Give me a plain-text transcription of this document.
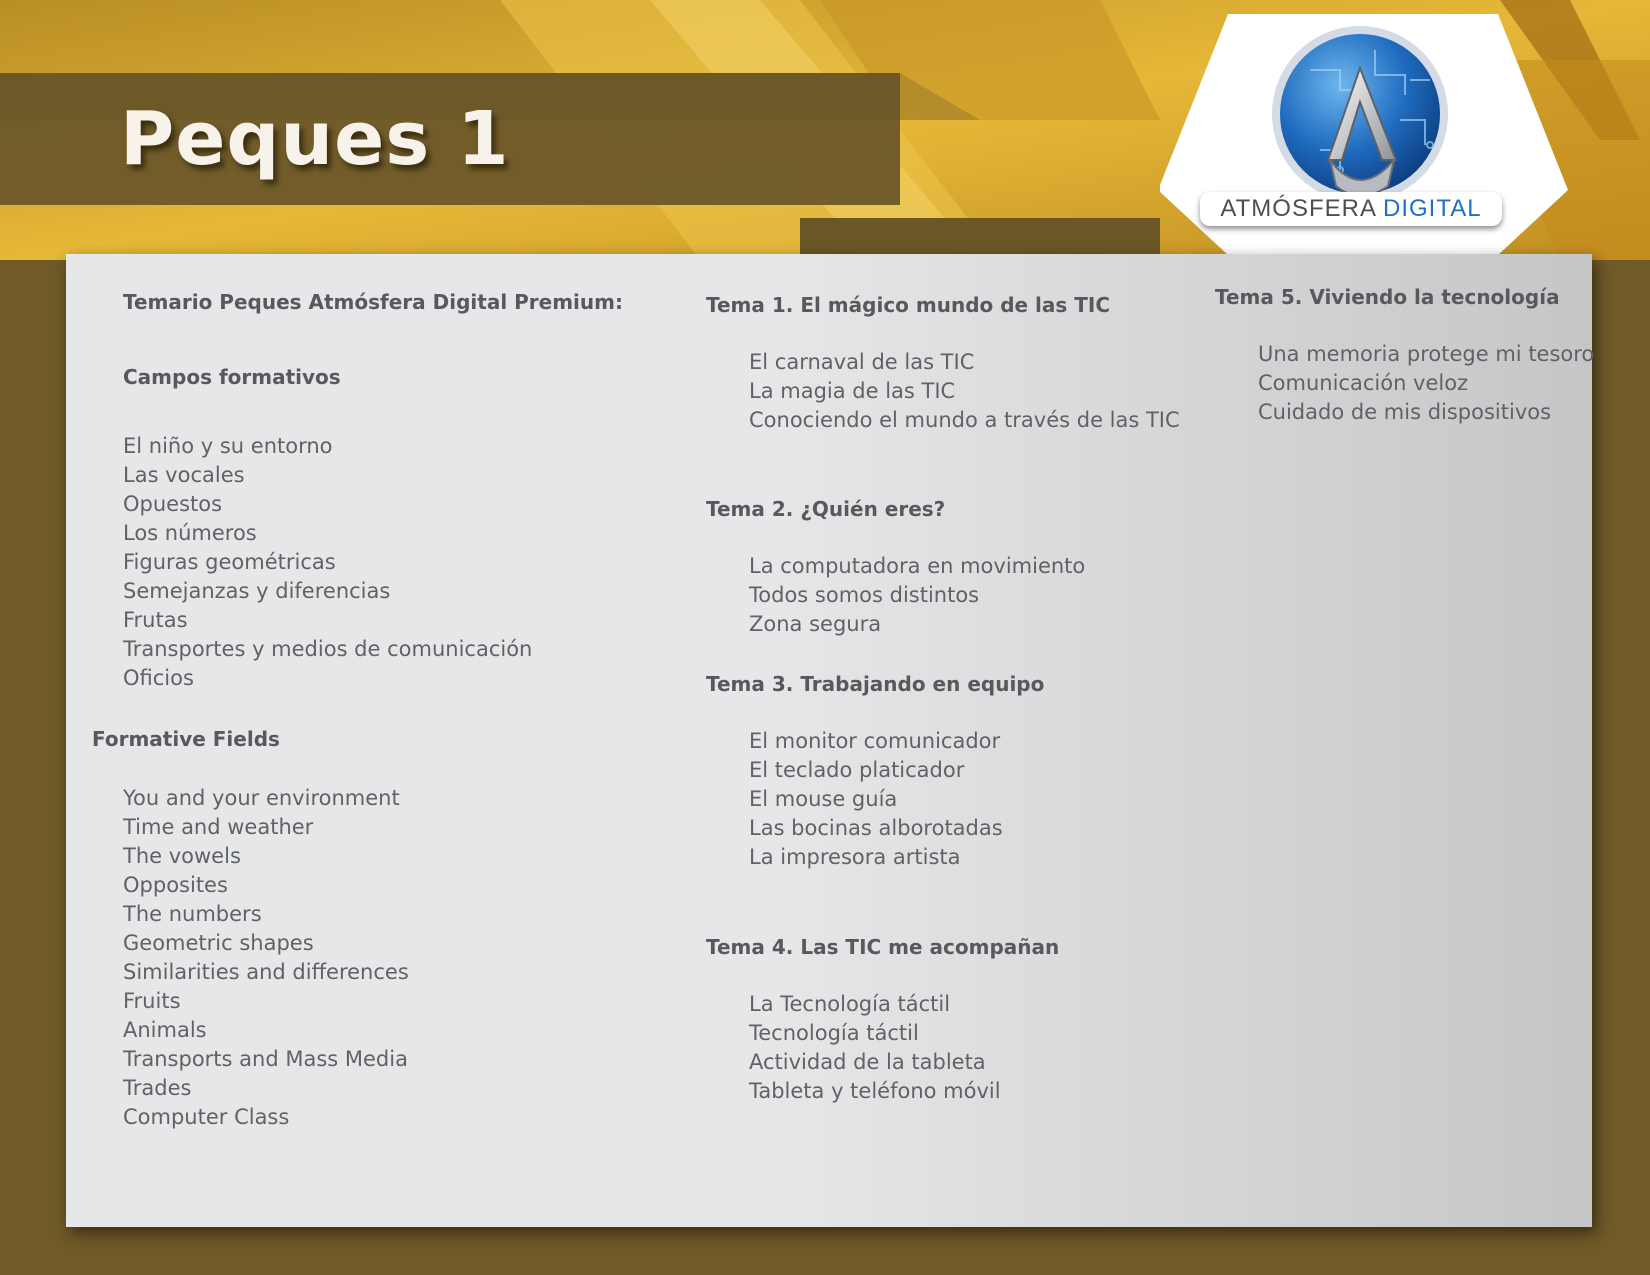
Peques 1
ATMÓSFERA DIGITAL

Temario Peques Atmósfera Digital Premium:

Campos formativos

El niño y su entorno
Las vocales
Opuestos
Los números
Figuras geométricas
Semejanzas y diferencias
Frutas
Transportes y medios de comunicación
Oficios

Formative Fields

You and your environment
Time and weather
The vowels
Opposites
The numbers
Geometric shapes
Similarities and differences
Fruits
Animals
Transports and Mass Media
Trades
Computer Class

Tema 1. El mágico mundo de las TIC

El carnaval de las TIC
La magia de las TIC
Conociendo el mundo a través de las TIC

Tema 2. ¿Quién eres?

La computadora en movimiento
Todos somos distintos
Zona segura

Tema 3. Trabajando en equipo

El monitor comunicador
El teclado platicador
El mouse guía
Las bocinas alborotadas
La impresora artista

Tema 4. Las TIC me acompañan

La Tecnología táctil
Tecnología táctil
Actividad de la tableta
Tableta y teléfono móvil

Tema 5. Viviendo la tecnología

Una memoria protege mi tesoro
Comunicación veloz
Cuidado de mis dispositivos
